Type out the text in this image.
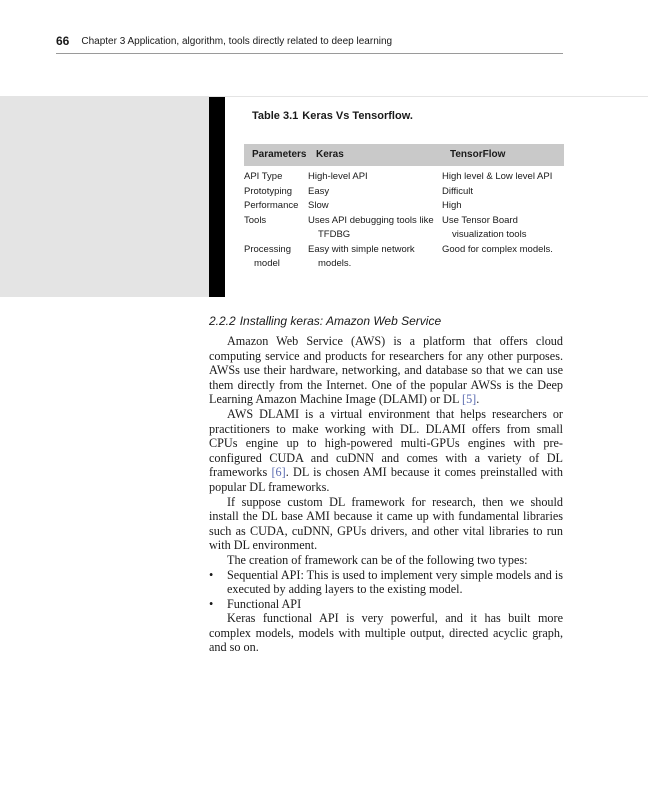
66 Chapter 3 Application, algorithm, tools directly related to deep learning
Table 3.1 Keras Vs Tensorflow.
Parameters	Keras	TensorFlow
API Type	High-level API	High level & Low level API
Prototyping	Easy	Difficult
Performance	Slow	High
Tools	Uses API debugging tools like TFDBG	Use Tensor Board visualization tools
Processing model	Easy with simple network models.	Good for complex models.
2.2.2 Installing keras: Amazon Web Service

Amazon Web Service (AWS) is a platform that offers cloud computing service and products for researchers for any other purposes. AWSs use their hardware, networking, and database so that we can use them directly from the Internet. One of the popular AWSs is the Deep Learning Amazon Machine Image (DLAMI) or DL [5].

AWS DLAMI is a virtual environment that helps researchers or practitioners to make working with DL. DLAMI offers from small CPUs engine up to high-powered multi-GPUs engines with pre-configured CUDA and cuDNN and comes with a variety of DL frameworks [6]. DL is chosen AMI because it comes preinstalled with popular DL frameworks.

If suppose custom DL framework for research, then we should install the DL base AMI because it came up with fundamental libraries such as CUDA, cuDNN, GPUs drivers, and other vital libraries to run with DL environment.

The creation of framework can be of the following two types:

• Sequential API: This is used to implement very simple models and is executed by adding layers to the existing model.
• Functional API

Keras functional API is very powerful, and it has built more complex models, models with multiple output, directed acyclic graph, and so on.
